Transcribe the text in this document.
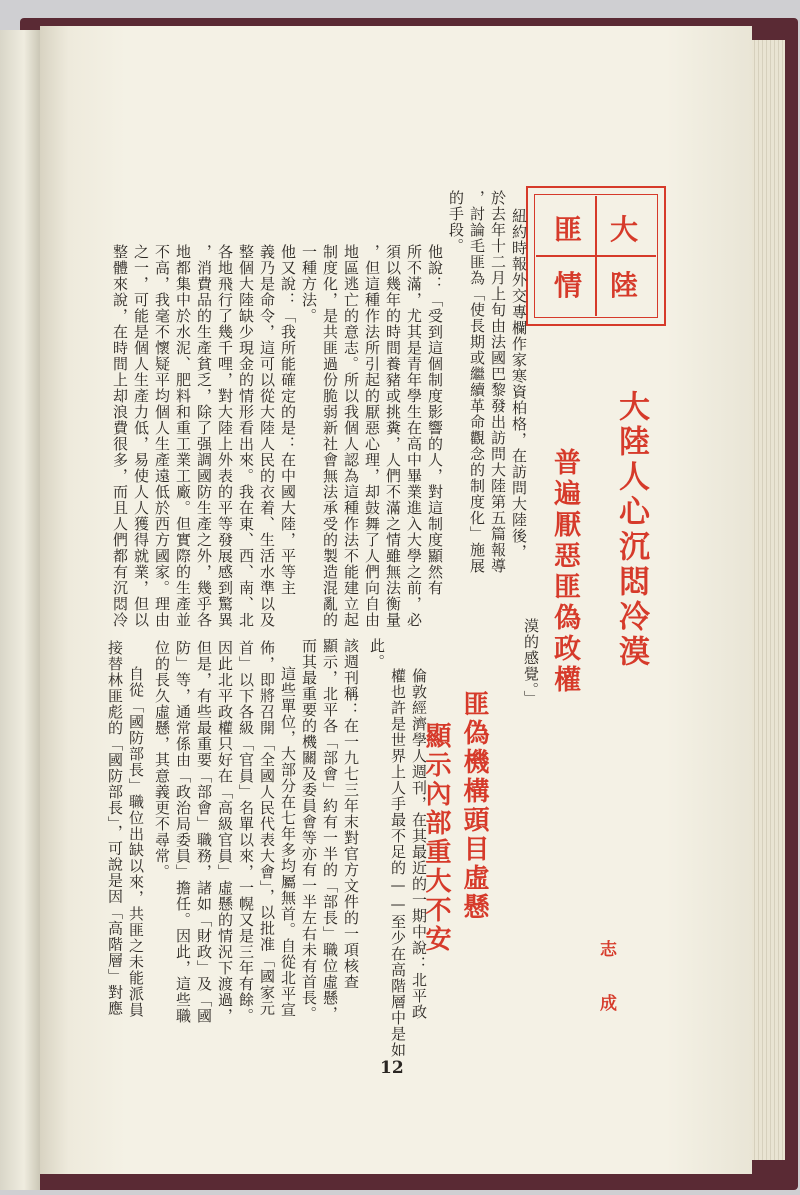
大
陸
匪
情
大陸人心沉悶冷漠
普遍厭惡匪偽政權
匪偽機構頭目虛懸
顯示內部重大不安
志　成
紐約時報外交專欄作家寒資柏格，在訪問大陸後，
於去年十二月上旬由法國巴黎發出訪問大陸第五篇報導
，討論毛匪為「使長期或繼續革命觀念的制度化」施展
的手段。
他說：「受到這個制度影響的人，對這制度顯然有
所不滿，尤其是青年學生在高中畢業進入大學之前，必
須以幾年的時間養豬或挑糞，人們不滿之情雖無法衡量
，但這種作法所引起的厭惡心理，却鼓舞了人們向自由
地區逃亡的意志。所以我個人認為這種作法不能建立起
制度化，是共匪過份脆弱新社會無法承受的製造混亂的
一種方法。
他又說：「我所能確定的是：在中國大陸，平等主
義乃是命令，這可以從大陸人民的衣着、生活水準以及
整個大陸缺少現金的情形看出來。我在東、西、南、北
各地飛行了幾千哩，對大陸上外表的平等發展感到驚異
，消費品的生產貧乏，除了强調國防生產之外，幾乎各
地都集中於水泥、肥料和重工業工廠。但實際的生產並
不高，我毫不懷疑平均個人生產遠低於西方國家。理由
之一，可能是個人生產力低，易使人人獲得就業，但以
整體來說，在時間上却浪費很多，而且人們都有沉悶冷
漠的感覺。」
倫敦經濟學人週刊，在其最近的一期中說：北平政
權也許是世界上人手最不足的——至少在高階層中是如
此。
該週刊稱：在一九七三年末對官方文件的一項核查
顯示，北平各「部會」約有一半的「部長」職位虛懸，
而其最重要的機關及委員會等亦有一半左右未有首長。
這些單位，大部分在七年多均屬無首。自從北平宣
佈，即將召開「全國人民代表大會」，以批准「國家元
首」以下各級「官員」名單以來，一幌又是三年有餘。
因此北平政權只好在「高級官員」虛懸的情況下渡過，
但是，有些最重要「部會」職務，諸如「財政」及「國
防」等，通常係由「政治局委員」擔任。因此，這些職
位的長久虛懸，其意義更不尋常。
自從「國防部長」職位出缺以來，共匪之未能派員
接替林匪彪的「國防部長」，可說是因「高階層」對應
12
